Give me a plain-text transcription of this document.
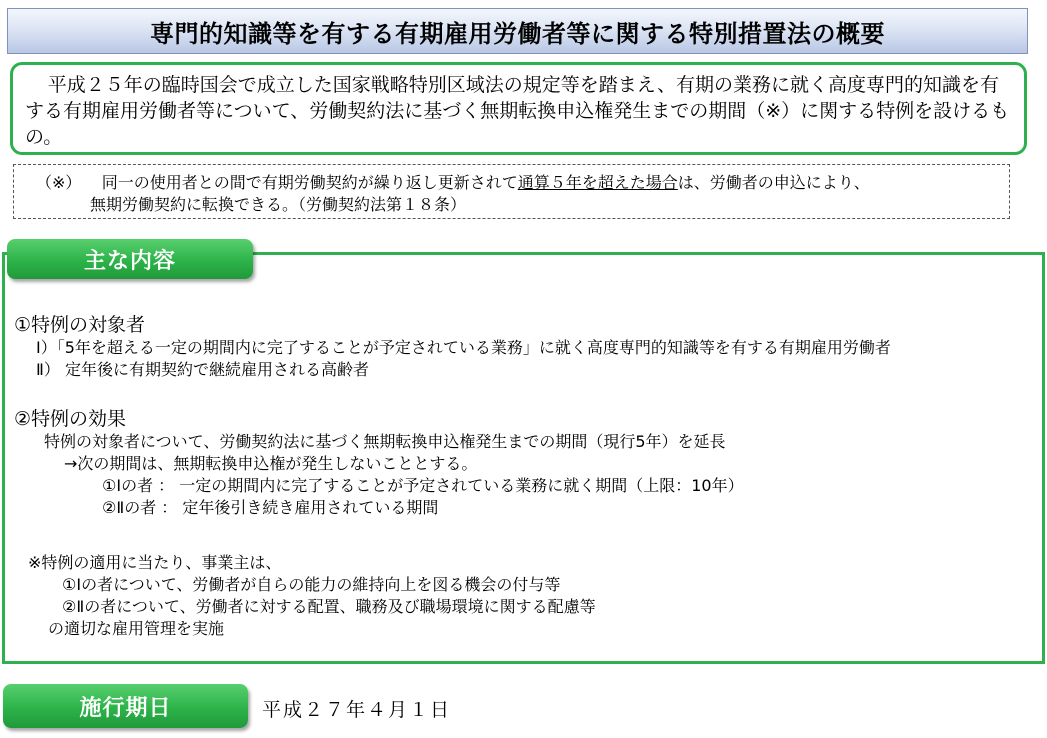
専門的知識等を有する有期雇用労働者等に関する特別措置法の概要

平成２５年の臨時国会で成立した国家戦略特別区域法の規定等を踏まえ、有期の業務に就く高度専門的知識を有する有期雇用労働者等について、労働契約法に基づく無期転換申込権発生までの期間（※）に関する特例を設けるもの。

（※） 同一の使用者との間で有期労働契約が繰り返し更新されて通算５年を超えた場合は、労働者の申込により、
無期労働契約に転換できる。（労働契約法第１８条）
主な内容
①特例の対象者
Ⅰ）「5年を超える一定の期間内に完了することが予定されている業務」に就く高度専門的知識等を有する有期雇用労働者
Ⅱ） 定年後に有期契約で継続雇用される高齢者
②特例の効果
特例の対象者について、労働契約法に基づく無期転換申込権発生までの期間（現行5年）を延長
→次の期間は、無期転換申込権が発生しないこととする。
①Ⅰの者 ： 一定の期間内に完了することが予定されている業務に就く期間（上限：10年）
②Ⅱの者 ： 定年後引き続き雇用されている期間
※特例の適用に当たり、事業主は、
①Ⅰの者について、労働者が自らの能力の維持向上を図る機会の付与等
②Ⅱの者について、労働者に対する配置、職務及び職場環境に関する配慮等
の適切な雇用管理を実施
施行期日	平成２７年４月１日
